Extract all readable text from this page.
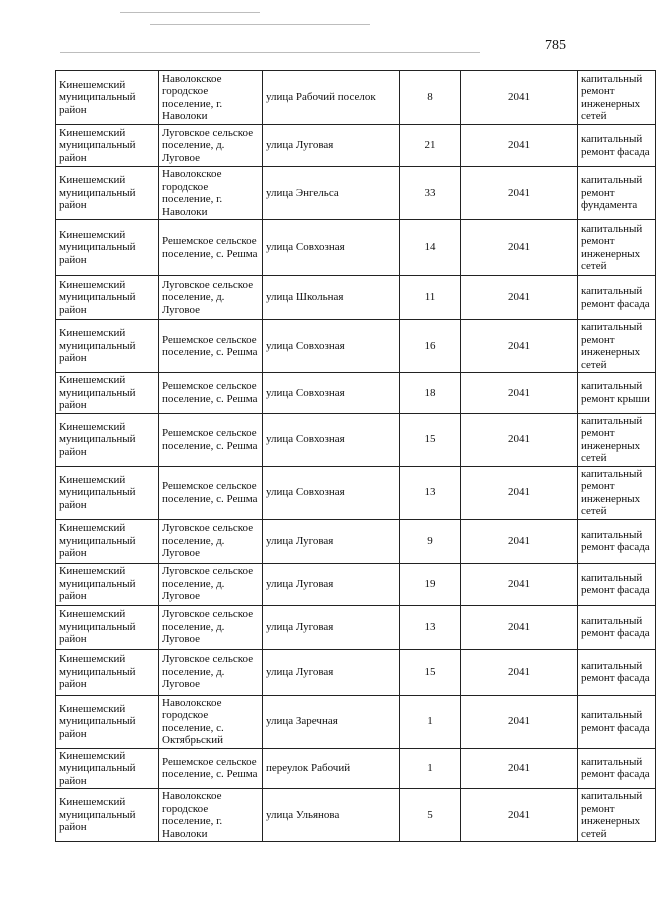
785
Кинешемский муниципальный район	Наволокское городское поселение, г. Наволоки	улица Рабочий поселок	8	2041	капитальный ремонт инженерных сетей
Кинешемский муниципальный район	Луговское сельское поселение, д. Луговое	улица Луговая	21	2041	капитальный ремонт фасада
Кинешемский муниципальный район	Наволокское городское поселение, г. Наволоки	улица Энгельса	33	2041	капитальный ремонт фундамента
Кинешемский муниципальный район	Решемское сельское поселение, с. Решма	улица Совхозная	14	2041	капитальный ремонт инженерных сетей
Кинешемский муниципальный район	Луговское сельское поселение, д. Луговое	улица Школьная	11	2041	капитальный ремонт фасада
Кинешемский муниципальный район	Решемское сельское поселение, с. Решма	улица Совхозная	16	2041	капитальный ремонт инженерных сетей
Кинешемский муниципальный район	Решемское сельское поселение, с. Решма	улица Совхозная	18	2041	капитальный ремонт крыши
Кинешемский муниципальный район	Решемское сельское поселение, с. Решма	улица Совхозная	15	2041	капитальный ремонт инженерных сетей
Кинешемский муниципальный район	Решемское сельское поселение, с. Решма	улица Совхозная	13	2041	капитальный ремонт инженерных сетей
Кинешемский муниципальный район	Луговское сельское поселение, д. Луговое	улица Луговая	9	2041	капитальный ремонт фасада
Кинешемский муниципальный район	Луговское сельское поселение, д. Луговое	улица Луговая	19	2041	капитальный ремонт фасада
Кинешемский муниципальный район	Луговское сельское поселение, д. Луговое	улица Луговая	13	2041	капитальный ремонт фасада
Кинешемский муниципальный район	Луговское сельское поселение, д. Луговое	улица Луговая	15	2041	капитальный ремонт фасада
Кинешемский муниципальный район	Наволокское городское поселение, с. Октябрьский	улица Заречная	1	2041	капитальный ремонт фасада
Кинешемский муниципальный район	Решемское сельское поселение, с. Решма	переулок Рабочий	1	2041	капитальный ремонт фасада
Кинешемский муниципальный район	Наволокское городское поселение, г. Наволоки	улица Ульянова	5	2041	капитальный ремонт инженерных сетей
